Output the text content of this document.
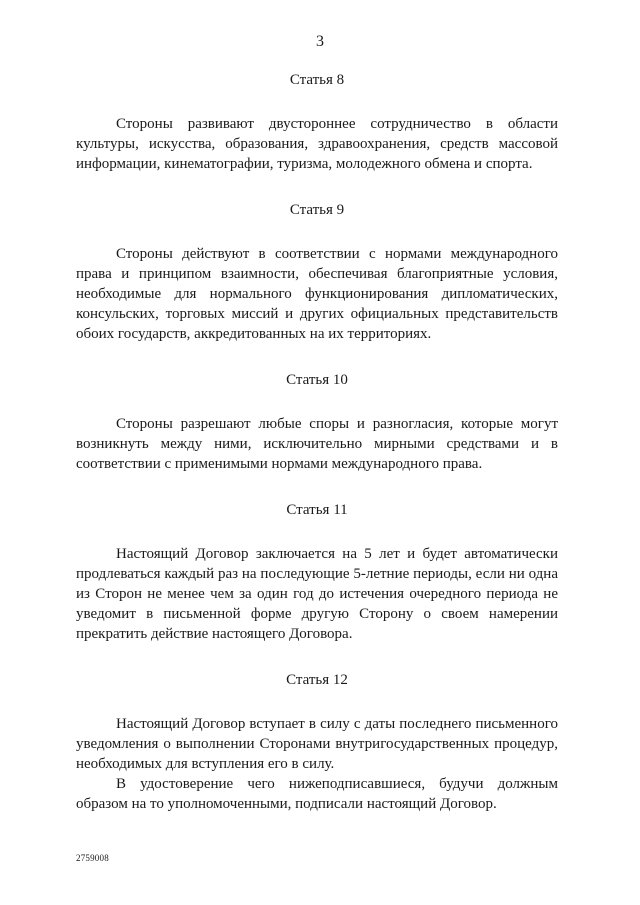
3
Статья 8

Стороны развивают двустороннее сотрудничество в области культуры, искусства, образования, здравоохранения, средств массовой информации, кинематографии, туризма, молодежного обмена и спорта.

Статья 9

Стороны действуют в соответствии с нормами международного права и принципом взаимности, обеспечивая благоприятные условия, необходимые для нормального функционирования дипломатических, консульских, торговых миссий и других официальных представительств обоих государств, аккредитованных на их территориях.

Статья 10

Стороны разрешают любые споры и разногласия, которые могут возникнуть между ними, исключительно мирными средствами и в соответствии с применимыми нормами международного права.

Статья 11

Настоящий Договор заключается на 5 лет и будет автоматически продлеваться каждый раз на последующие 5-летние периоды, если ни одна из Сторон не менее чем за один год до истечения очередного периода не уведомит в письменной форме другую Сторону о своем намерении прекратить действие настоящего Договора.

Статья 12

Настоящий Договор вступает в силу с даты последнего письменного уведомления о выполнении Сторонами внутригосударственных процедур, необходимых для вступления его в силу.

В удостоверение чего нижеподписавшиеся, будучи должным образом на то уполномоченными, подписали настоящий Договор.

2759008
